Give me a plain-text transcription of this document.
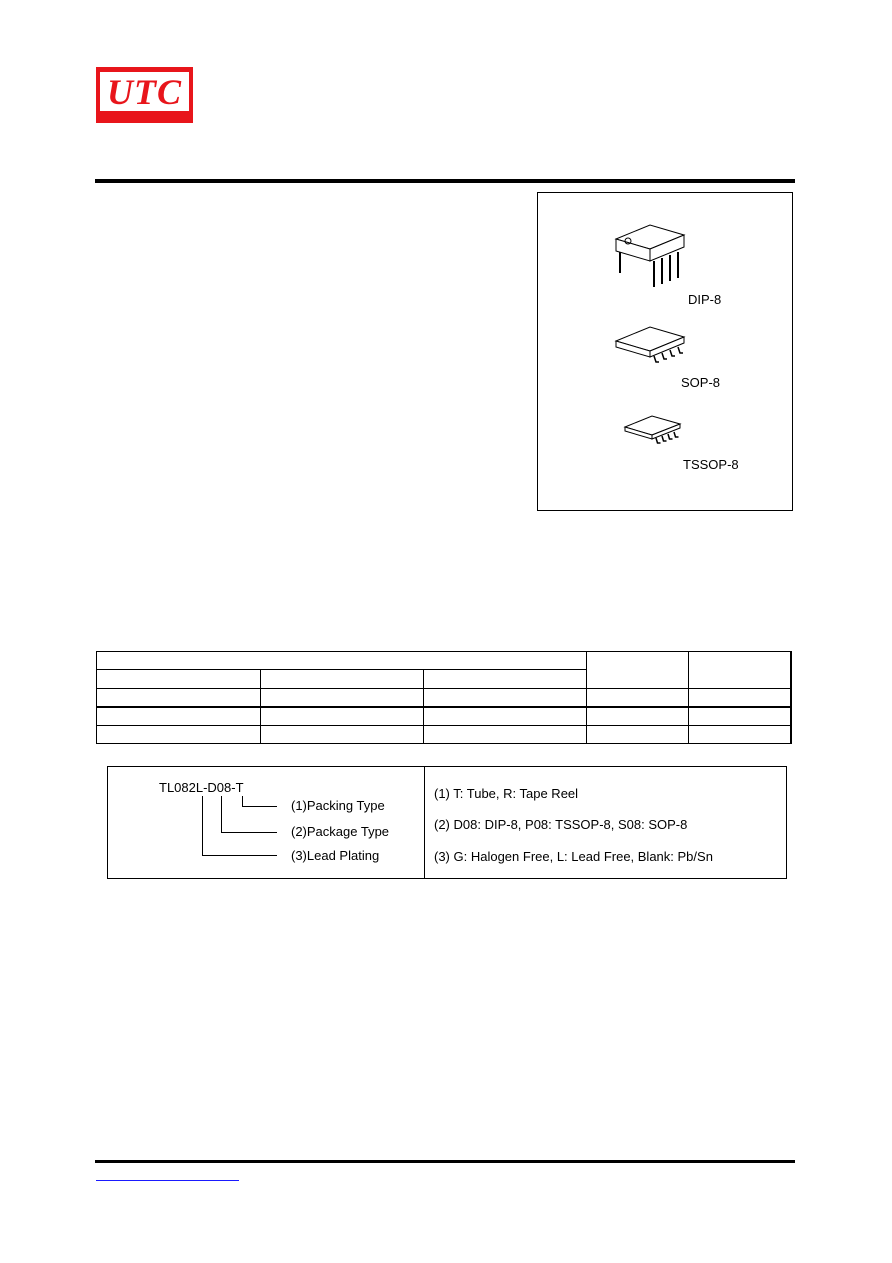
UTC
DIP-8
SOP-8
TSSOP-8
TL082L-D08-T
(1)Packing Type
(2)Package Type
(3)Lead Plating
(1) T: Tube, R: Tape Reel
(2) D08: DIP-8, P08: TSSOP-8, S08: SOP-8
(3) G: Halogen Free, L: Lead Free, Blank: Pb/Sn
